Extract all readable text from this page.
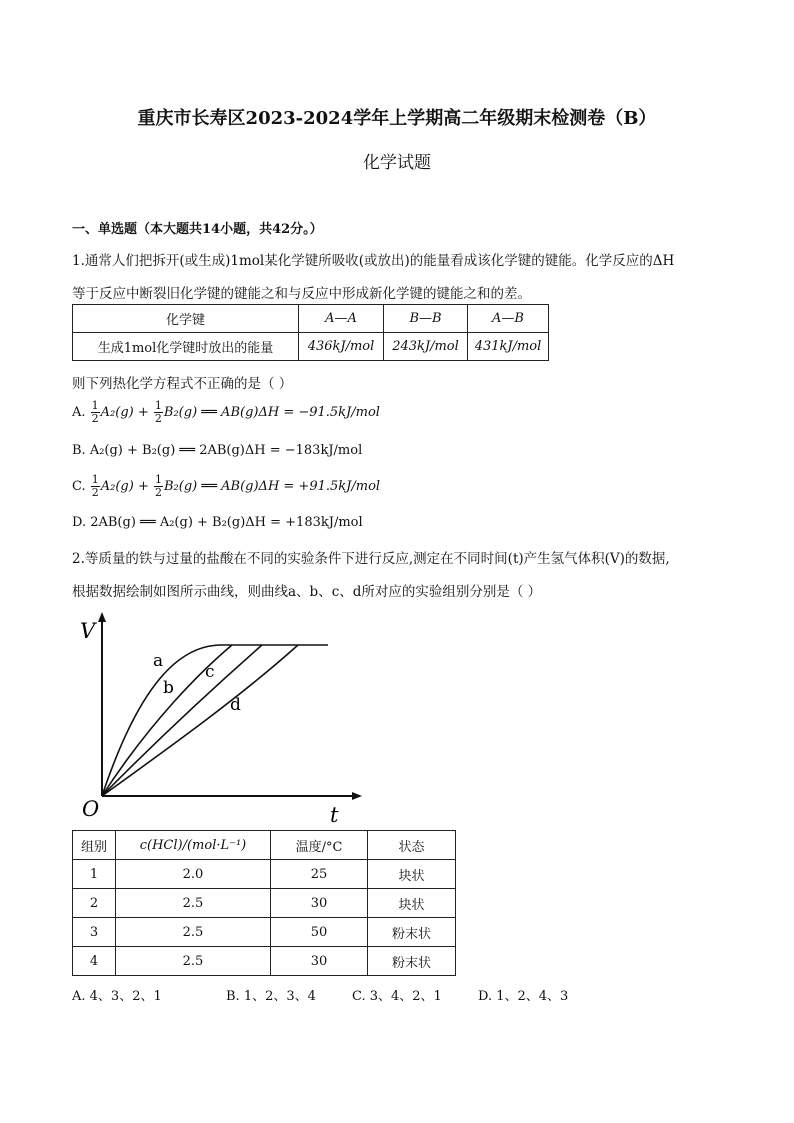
重庆市长寿区2023-2024学年上学期高二年级期末检测卷（B）
化学试题
一、单选题（本大题共14小题，共42分。）
1.通常人们把拆开(或生成)1mol某化学键所吸收(或放出)的能量看成该化学键的键能。化学反应的ΔH
等于反应中断裂旧化学键的键能之和与反应中形成新化学键的键能之和的差。
化学键	A—A	B—B	A—B
生成1mol化学键时放出的能量	436kJ/mol	243kJ/mol	431kJ/mol
则下列热化学方程式不正确的是（ ）
A. $\frac{1}{2} A_2(g) + \frac{1}{2} B_2(g)$ ══ AB(g)ΔH = −91.5kJ/mol
B. A₂(g) + B₂(g) ══ 2AB(g)ΔH = −183kJ/mol
C. $\frac{1}{2} A_2(g) + \frac{1}{2} B_2(g)$ ══ AB(g)ΔH = +91.5kJ/mol
D. 2AB(g) ══ A₂(g) + B₂(g)ΔH = +183kJ/mol
2.等质量的铁与过量的盐酸在不同的实验条件下进行反应,测定在不同时间(t)产生氢气体积(V)的数据,
根据数据绘制如图所示曲线，则曲线a、b、c、d所对应的实验组别分别是（ ）
V
t
O
a
b
c
d
组别	c(HCl)/(mol·L⁻¹)	温度/°C	状态
1	2.0	25	块状
2	2.5	30	块状
3	2.5	50	粉末状
4	2.5	30	粉末状
A. 4、3、2、1	B. 1、2、3、4	C. 3、4、2、1	D. 1、2、4、3
